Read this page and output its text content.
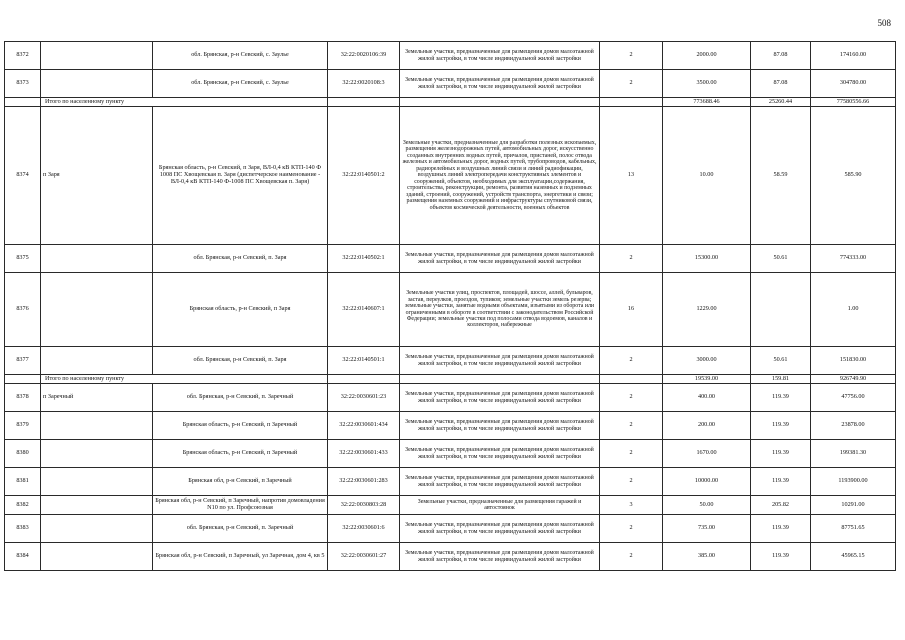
508
8372		обл. Брянская, р-н Севский, с. Заулье	32:22:0020106:39	Земельные участки, предназначенные для размещения домов малоэтажной жилой застройки, в том числе индивидуальной жилой застройки	2	2000.00	87.08	174160.00
8373		обл. Брянская, р-н Севский, с. Заулье	32:22:0020108:3	Земельные участки, предназначенные для размещения домов малоэтажной жилой застройки, в том числе индивидуальной жилой застройки	2	3500.00	87.08	304780.00
	Итого по населенному пункту					773688.46	25260.44	77580556.66
8374	п Заря	Брянская область, р-н Севский, п Заря, ВЛ-0,4 кВ КТП-140 Ф 1008 ПС Хвощевская п. Заря (диспетчерское наименование - ВЛ-0,4 кВ КТП-140 Ф-1008 ПС Хвощевская п. Заря)	32:22:0140501:2	Земельные участки, предназначенные для разработки полезных ископаемых, размещения железнодорожных путей, автомобильных дорог, искусственно созданных внутренних водных путей, причалов, пристаней, полос отвода железных и автомобильных дорог, водных путей, трубопроводов, кабельных, радиорелейных и воздушных линий связи и линий радиофикации, воздушных линий электропередачи конструктивных элементов и сооружений, объектов, необходимых для эксплуатации,содержания, строительства, реконструкции, ремонта, развития наземных и подземных зданий, строений, сооружений, устройств транспорта, энергетики и связи; размещения наземных сооружений и инфраструктуры спутниковой связи, объектов космической деятельности, военных объектов	13	10.00	58.59	585.90
8375		обл. Брянская, р-н Севский, п. Заря	32:22:0140502:1	Земельные участки, предназначенные для размещения домов малоэтажной жилой застройки, в том числе индивидуальной жилой застройки	2	15300.00	50.61	774333.00
8376		Брянская область, р-н Севский, п Заря	32:22:0140607:1	Земельные участки улиц, проспектов, площадей, шоссе, аллей, бульваров, застав, переулков, проездов, тупиков; земельные участки земель резерва; земельные участки, занятые водными объектами, изъятыми из оборота или ограниченными в обороте в соответствии с законодательством Российской Федерации; земельные участки под полосами отвода водоемов, каналов и коллекторов, набережные	16	1229.00		1.00
8377		обл. Брянская, р-н Севский, п. Заря	32:22:0140501:1	Земельные участки, предназначенные для размещения домов малоэтажной жилой застройки, в том числе индивидуальной жилой застройки	2	3000.00	50.61	151830.00
	Итого по населенному пункту					19539.00	159.81	926749.90
8378	п Заречный	обл. Брянская, р-н Севский, п. Заречный	32:22:0030601:23	Земельные участки, предназначенные для размещения домов малоэтажной жилой застройки, в том числе индивидуальной жилой застройки	2	400.00	119.39	47756.00
8379		Брянская область, р-н Севский, п Заречный	32:22:0030601:434	Земельные участки, предназначенные для размещения домов малоэтажной жилой застройки, в том числе индивидуальной жилой застройки	2	200.00	119.39	23878.00
8380		Брянская область, р-н Севский, п Заречный	32:22:0030601:433	Земельные участки, предназначенные для размещения домов малоэтажной жилой застройки, в том числе индивидуальной жилой застройки	2	1670.00	119.39	199381.30
8381		Брянская обл, р-н Севский, п Заречный	32:22:0030601:283	Земельные участки, предназначенные для размещения домов малоэтажной жилой застройки, в том числе индивидуальной жилой застройки	2	10000.00	119.39	1193900.00
8382		Брянская обл, р-н Севский, п Заречный, напротив домовладения N10 по ул. Профсоюзная	32:22:0030803:28	Земельные участки, предназначенные для размещения гаражей и автостоянок	3	50.00	205.82	10291.00
8383		обл. Брянская, р-н Севский, п. Заречный	32:22:0030601:6	Земельные участки, предназначенные для размещения домов малоэтажной жилой застройки, в том числе индивидуальной жилой застройки	2	735.00	119.39	87751.65
8384		Брянская обл, р-н Севский, п Заречный, ул Заречная, дом 4, кв 5	32:22:0030601:27	Земельные участки, предназначенные для размещения домов малоэтажной жилой застройки, в том числе индивидуальной жилой застройки	2	385.00	119.39	45965.15
